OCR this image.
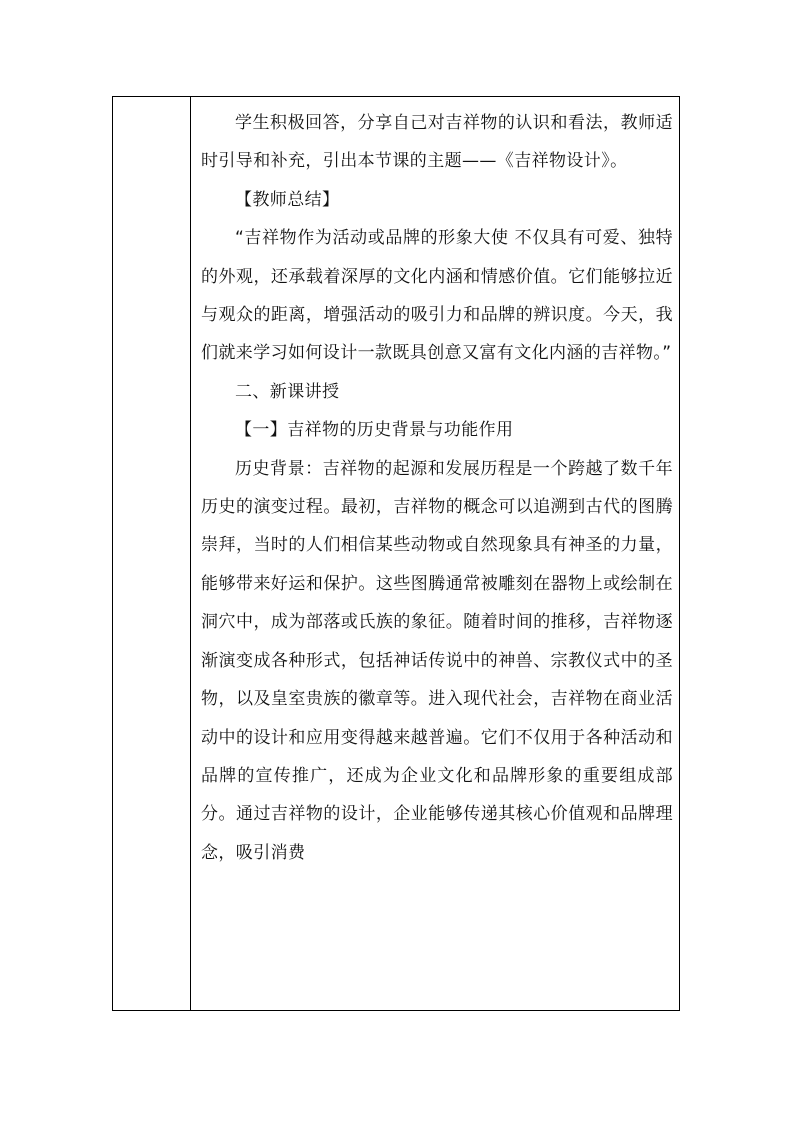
学生积极回答，分享自己对吉祥物的认识和看法，教师适时引导和补充，引出本节课的主题——《吉祥物设计》。

【教师总结】

“吉祥物作为活动或品牌的形象大使 不仅具有可爱、独特的外观，还承载着深厚的文化内涵和情感价值。它们能够拉近与观众的距离，增强活动的吸引力和品牌的辨识度。今天，我们就来学习如何设计一款既具创意又富有文化内涵的吉祥物。”

二、新课讲授

【一】吉祥物的历史背景与功能作用

历史背景：吉祥物的起源和发展历程是一个跨越了数千年历史的演变过程。最初，吉祥物的概念可以追溯到古代的图腾崇拜，当时的人们相信某些动物或自然现象具有神圣的力量，能够带来好运和保护。这些图腾通常被雕刻在器物上或绘制在洞穴中，成为部落或氏族的象征。随着时间的推移，吉祥物逐渐演变成各种形式，包括神话传说中的神兽、宗教仪式中的圣物，以及皇室贵族的徽章等。进入现代社会，吉祥物在商业活动中的设计和应用变得越来越普遍。它们不仅用于各种活动和品牌的宣传推广，还成为企业文化和品牌形象的重要组成部分。通过吉祥物的设计，企业能够传递其核心价值观和品牌理念，吸引消费
